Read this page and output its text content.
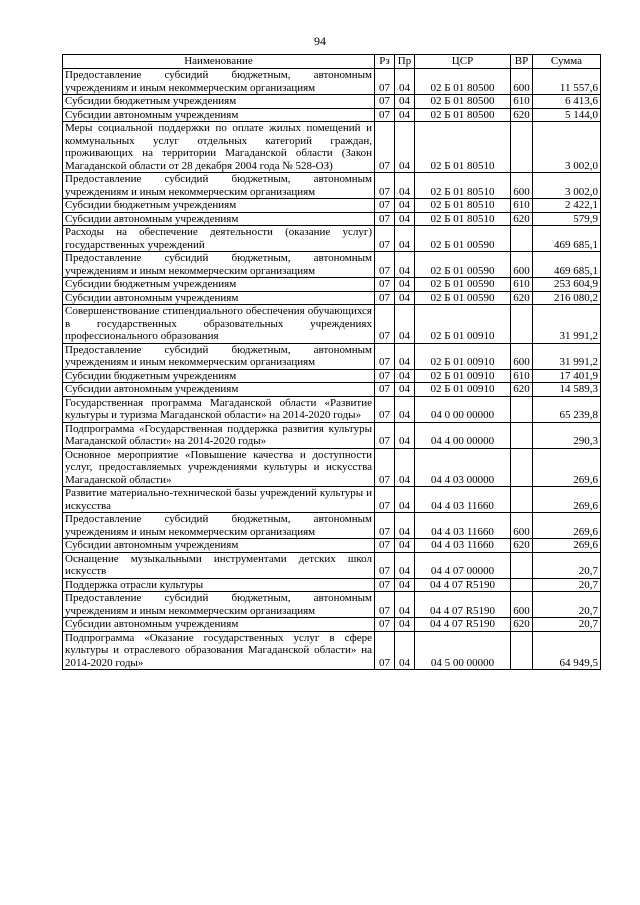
94
Наименование	Рз	Пр	ЦСР	ВР	Сумма
Предоставление субсидий бюджетным, автономным учреждениям и иным некоммерческим организациям	07	04	02 Б 01 80500	600	11 557,6
Субсидии бюджетным учреждениям	07	04	02 Б 01 80500	610	6 413,6
Субсидии автономным учреждениям	07	04	02 Б 01 80500	620	5 144,0
Меры социальной поддержки по оплате жилых помещений и коммунальных услуг отдельных категорий граждан, проживающих на территории Магаданской области (Закон Магаданской области от 28 декабря 2004 года № 528-ОЗ)	07	04	02 Б 01 80510		3 002,0
Предоставление субсидий бюджетным, автономным учреждениям и иным некоммерческим организациям	07	04	02 Б 01 80510	600	3 002,0
Субсидии бюджетным учреждениям	07	04	02 Б 01 80510	610	2 422,1
Субсидии автономным учреждениям	07	04	02 Б 01 80510	620	579,9
Расходы на обеспечение деятельности (оказание услуг) государственных учреждений	07	04	02 Б 01 00590		469 685,1
Предоставление субсидий бюджетным, автономным учреждениям и иным некоммерческим организациям	07	04	02 Б 01 00590	600	469 685,1
Субсидии бюджетным учреждениям	07	04	02 Б 01 00590	610	253 604,9
Субсидии автономным учреждениям	07	04	02 Б 01 00590	620	216 080,2
Совершенствование стипендиального обеспечения обучающихся в государственных образовательных учреждениях профессионального образования	07	04	02 Б 01 00910		31 991,2
Предоставление субсидий бюджетным, автономным учреждениям и иным некоммерческим организациям	07	04	02 Б 01 00910	600	31 991,2
Субсидии бюджетным учреждениям	07	04	02 Б 01 00910	610	17 401,9
Субсидии автономным учреждениям	07	04	02 Б 01 00910	620	14 589,3
Государственная программа Магаданской области «Развитие культуры и туризма Магаданской области» на 2014-2020 годы»	07	04	04 0 00 00000		65 239,8
Подпрограмма «Государственная поддержка развития культуры Магаданской области» на 2014-2020 годы»	07	04	04 4 00 00000		290,3
Основное мероприятие «Повышение качества и доступности услуг, предоставляемых учреждениями культуры и искусства Магаданской области»	07	04	04 4 03 00000		269,6
Развитие материально-технической базы учреждений культуры и искусства	07	04	04 4 03 11660		269,6
Предоставление субсидий бюджетным, автономным учреждениям и иным некоммерческим организациям	07	04	04 4 03 11660	600	269,6
Субсидии автономным учреждениям	07	04	04 4 03 11660	620	269,6
Оснащение музыкальными инструментами детских школ искусств	07	04	04 4 07 00000		20,7
Поддержка отрасли культуры	07	04	04 4 07 R5190		20,7
Предоставление субсидий бюджетным, автономным учреждениям и иным некоммерческим организациям	07	04	04 4 07 R5190	600	20,7
Субсидии автономным учреждениям	07	04	04 4 07 R5190	620	20,7
Подпрограмма «Оказание государственных услуг в сфере культуры и отраслевого образования Магаданской области» на 2014-2020 годы»	07	04	04 5 00 00000		64 949,5
